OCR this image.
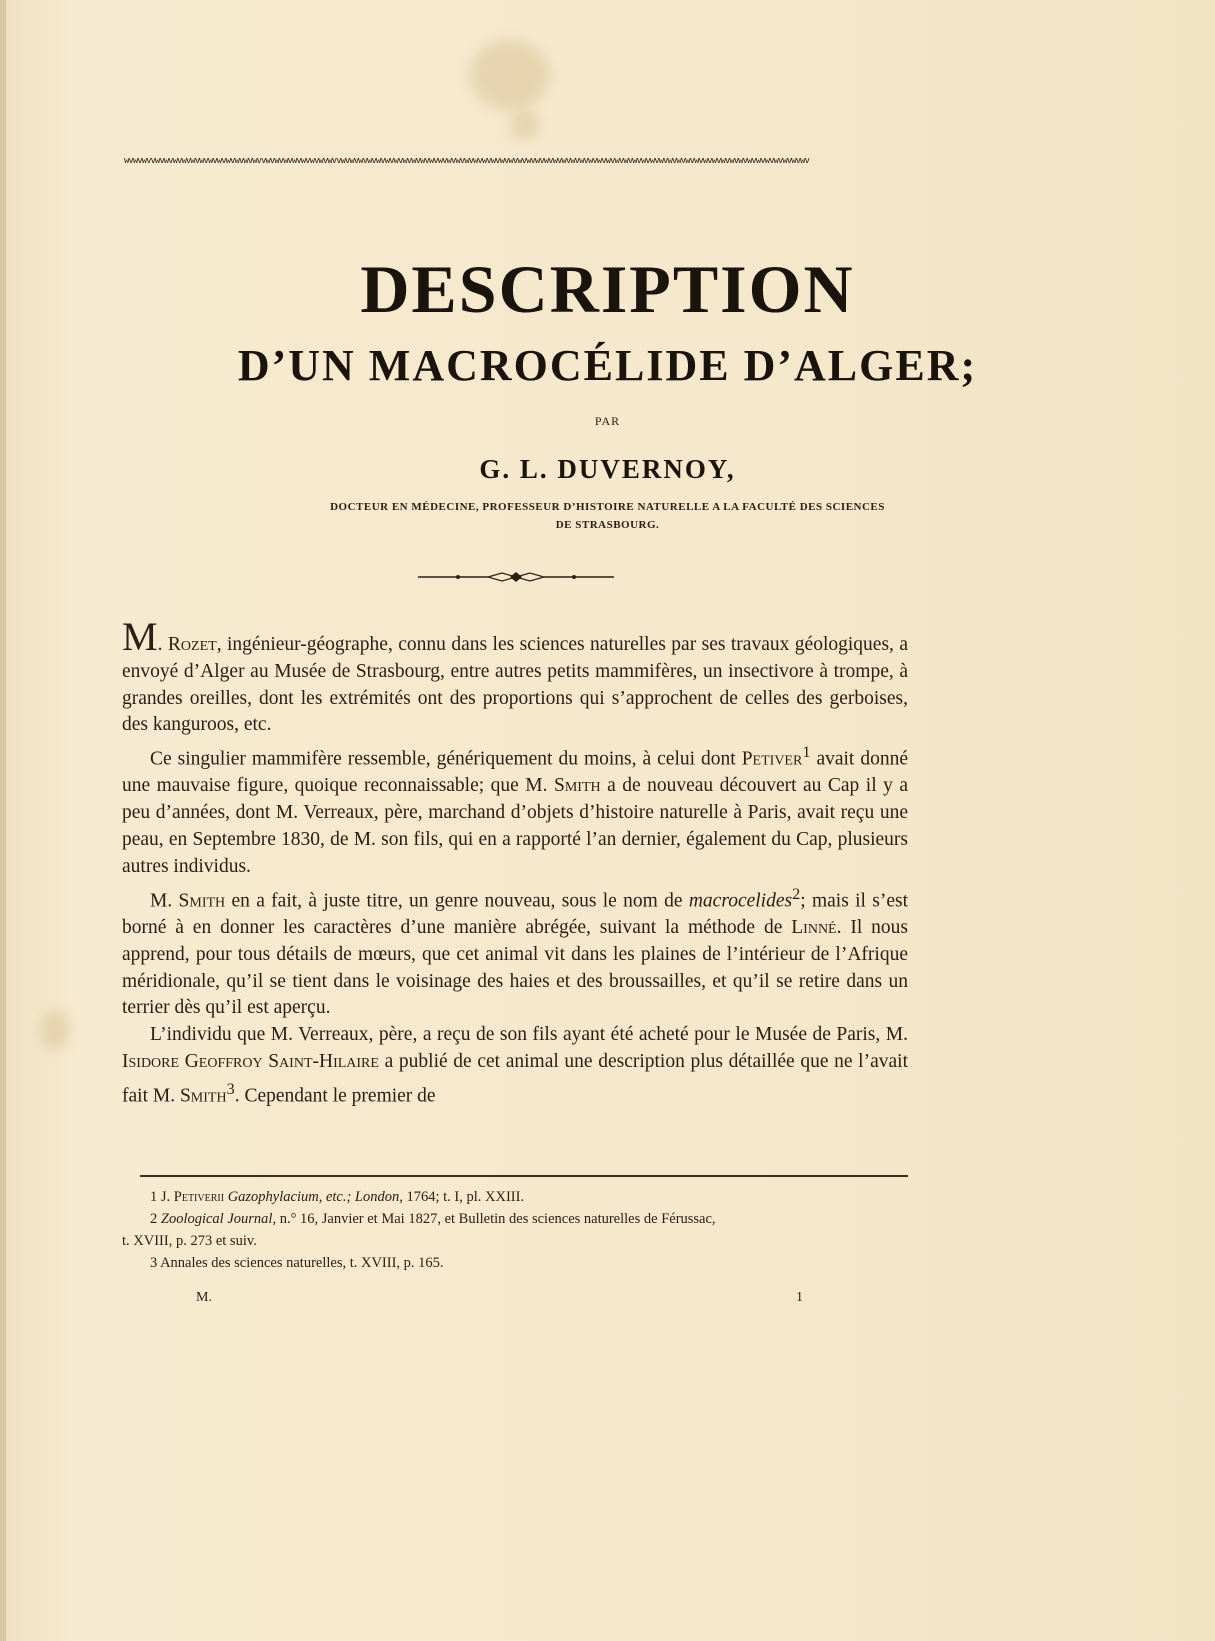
wvwvwvvwvwvwvwvwvwvwvwvwvwvwvwvvwvwvwvwvwvwvwvwvvwvwvwvwvwvwvwvwvwvwvwvwvwvwvwvwvwvwvwvwvwvwvwvwvwvwvwvwvwvwvwvwvwvwvwvwvwvwvwvwvwvwvwvwvwvwvwvwvwvwvwvwvwv
DESCRIPTION
D’UN MACROCÉLIDE D’ALGER;
PAR
G. L. DUVERNOY,
DOCTEUR EN MÉDECINE, PROFESSEUR D’HISTOIRE NATURELLE A LA FACULTÉ DES SCIENCES
DE STRASBOURG.

M. Rozet, ingénieur-géographe, connu dans les sciences naturelles par ses travaux géologiques, a envoyé d’Alger au Musée de Strasbourg, entre autres petits mammifères, un insectivore à trompe, à grandes oreilles, dont les extrémités ont des proportions qui s’approchent de celles des gerboises, des kanguroos, etc.

Ce singulier mammifère ressemble, génériquement du moins, à celui dont Petiver$^1$ avait donné une mauvaise figure, quoique reconnaissable; que M. Smith a de nouveau découvert au Cap il y a peu d’années, dont M. Verreaux, père, marchand d’objets d’histoire naturelle à Paris, avait reçu une peau, en Septembre 1830, de M. son fils, qui en a rapporté l’an dernier, également du Cap, plusieurs autres individus.

M. Smith en a fait, à juste titre, un genre nouveau, sous le nom de macrocelides$^2$; mais il s’est borné à en donner les caractères d’une manière abrégée, suivant la méthode de Linné. Il nous apprend, pour tous détails de mœurs, que cet animal vit dans les plaines de l’intérieur de l’Afrique méridionale, qu’il se tient dans le voisinage des haies et des broussailles, et qu’il se retire dans un terrier dès qu’il est aperçu.

L’individu que M. Verreaux, père, a reçu de son fils ayant été acheté pour le Musée de Paris, M. Isidore Geoffroy Saint-Hilaire a publié de cet animal une description plus détaillée que ne l’avait fait M. Smith$^3$. Cependant le premier de

1 J. Petiverii Gazophylacium, etc.; London, 1764; t. I, pl. XXIII.
2 Zoological Journal, n.° 16, Janvier et Mai 1827, et Bulletin des sciences naturelles de Férussac,
t. XVIII, p. 273 et suiv.
3 Annales des sciences naturelles, t. XVIII, p. 165.
M.	1
